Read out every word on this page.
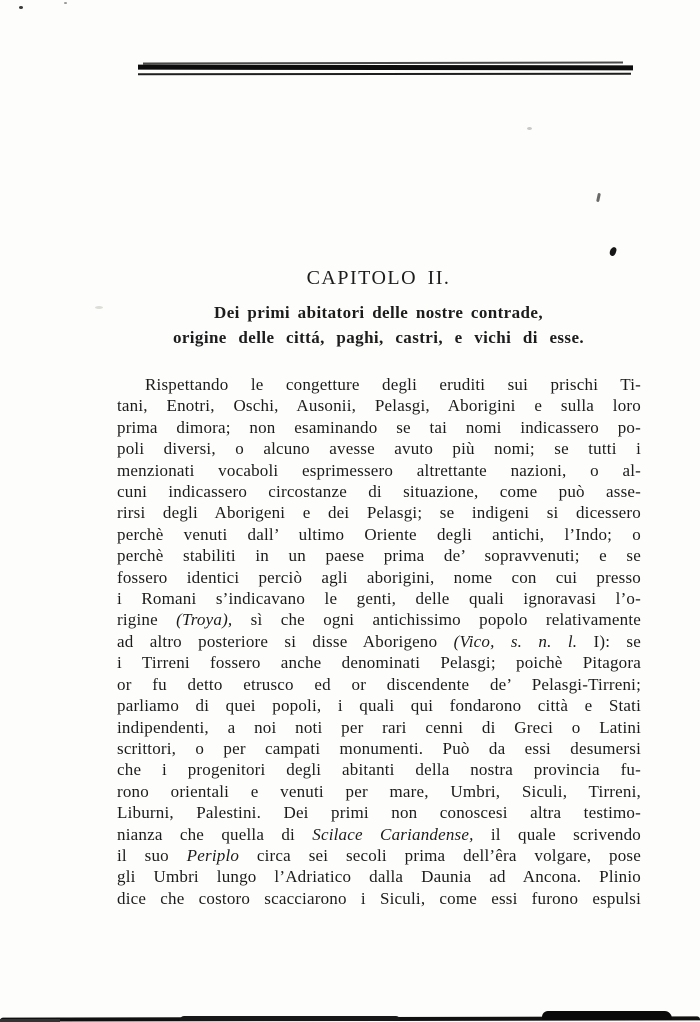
CAPITOLO II.
Dei primi abitatori delle nostre contrade,
origine delle cittá, paghi, castri, e vichi di esse.
Rispettando le congetture degli eruditi sui prischi Ti-
tani, Enotri, Oschi, Ausonii, Pelasgi, Aborigini e sulla loro
prima dimora; non esaminando se tai nomi indicassero po-
poli diversi, o alcuno avesse avuto più nomi; se tutti i
menzionati vocaboli esprimessero altrettante nazioni, o al-
cuni indicassero circostanze di situazione, come può asse-
rirsi degli Aborigeni e dei Pelasgi; se indigeni si dicessero
perchè venuti dall’ ultimo Oriente degli antichi, l’Indo; o
perchè stabiliti in un paese prima de’ sopravvenuti; e se
fossero identici perciò agli aborigini, nome con cui presso
i Romani s’indicavano le genti, delle quali ignoravasi l’o-
rigine (Troya), sì che ogni antichissimo popolo relativamente
ad altro posteriore si disse Aborigeno (Vico, s. n. l. I): se
i Tirreni fossero anche denominati Pelasgi; poichè Pitagora
or fu detto etrusco ed or discendente de’ Pelasgi-Tirreni;
parliamo di quei popoli, i quali qui fondarono città e Stati
indipendenti, a noi noti per rari cenni di Greci o Latini
scrittori, o per campati monumenti. Può da essi desumersi
che i progenitori degli abitanti della nostra provincia fu-
rono orientali e venuti per mare, Umbri, Siculi, Tirreni,
Liburni, Palestini. Dei primi non conoscesi altra testimo-
nianza che quella di Scilace Cariandense, il quale scrivendo
il suo Periplo circa sei secoli prima dell’êra volgare, pose
gli Umbri lungo l’Adriatico dalla Daunia ad Ancona. Plinio
dice che costoro scacciarono i Siculi, come essi furono espulsi
